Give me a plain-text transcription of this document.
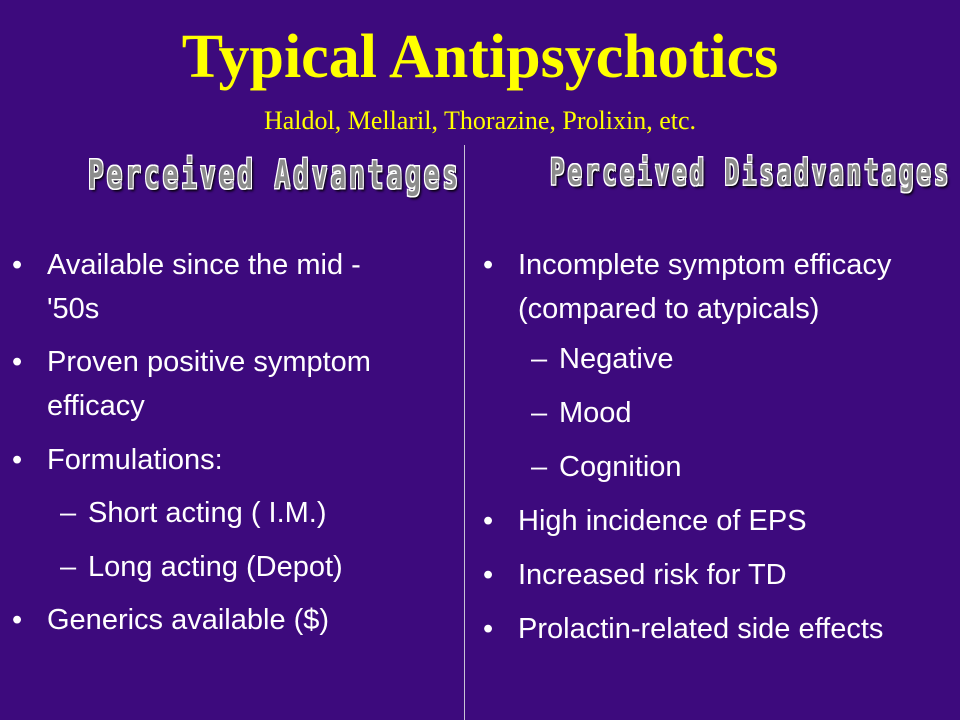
Typical Antipsychotics

Haldol, Mellaril, Thorazine, Prolixin, etc.

Perceived Advantages	Perceived Disadvantages
• Available since the mid -
'50s
• Proven positive symptom
efficacy
• Formulations:
– Short acting ( I.M.)
– Long acting (Depot)
• Generics available ($)
• Incomplete symptom efficacy
(compared to atypicals)
– Negative
– Mood
– Cognition
• High incidence of EPS
• Increased risk for TD
• Prolactin-related side effects
